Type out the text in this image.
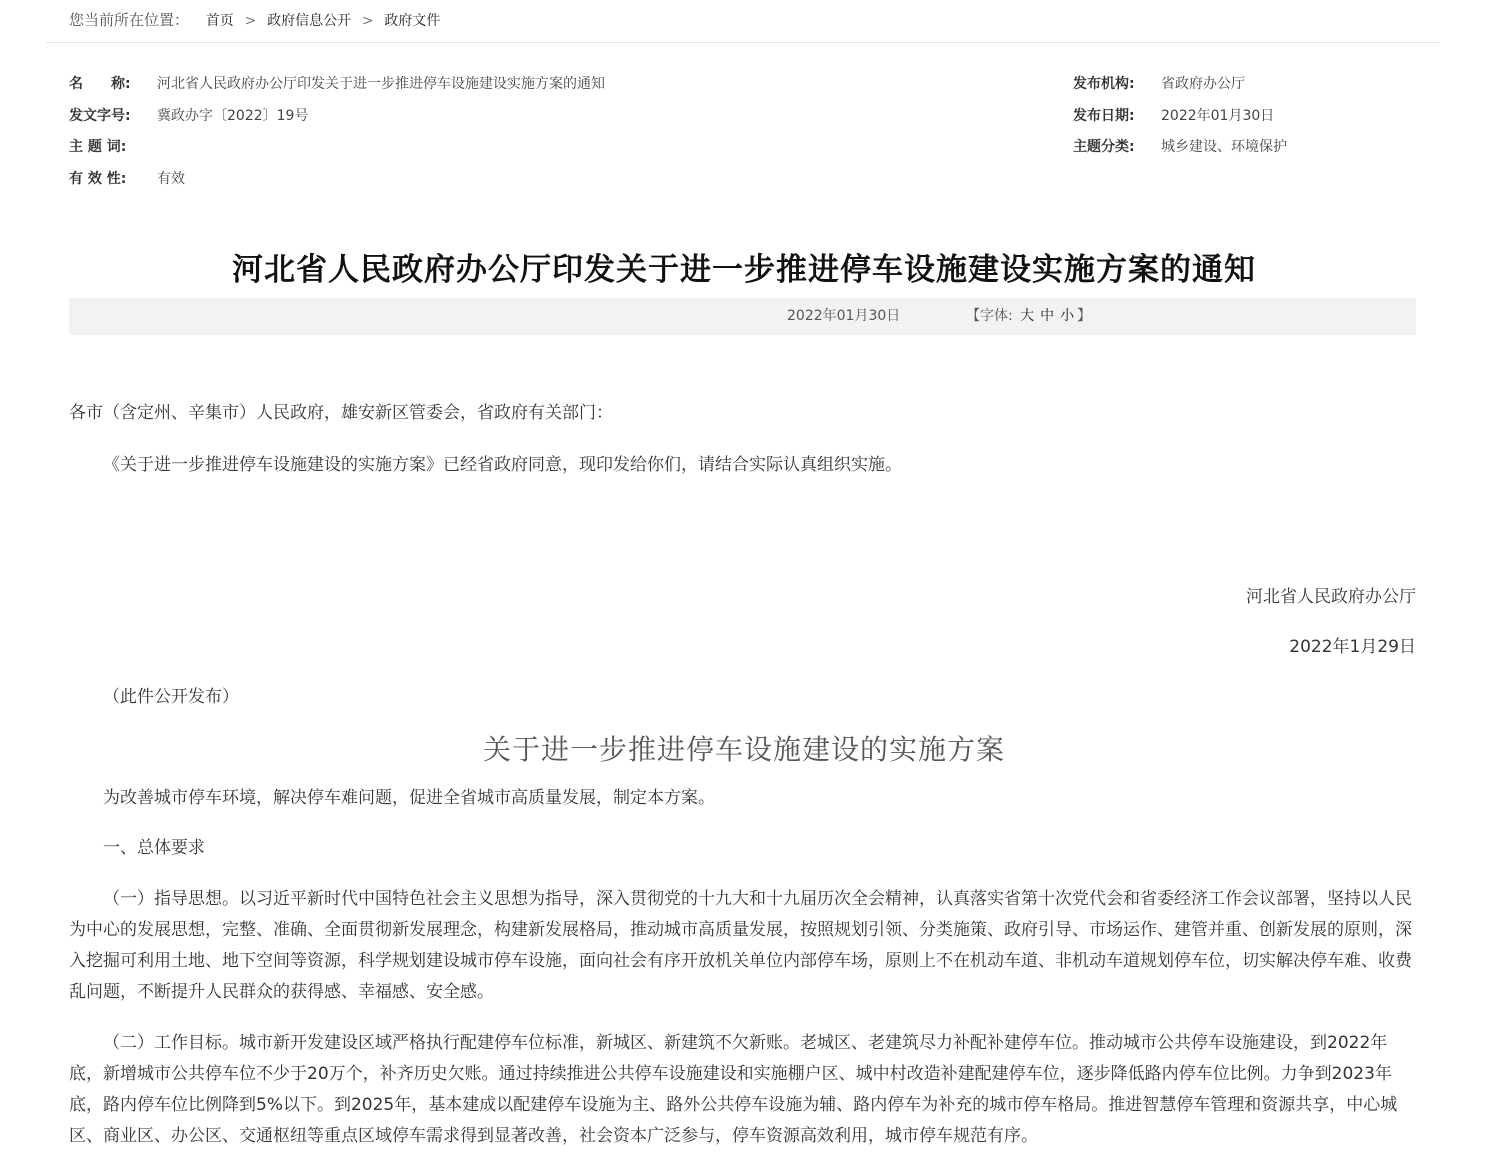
您当前所在位置： 首页 > 政府信息公开 > 政府文件
名　　称: 河北省人民政府办公厅印发关于进一步推进停车设施建设实施方案的通知
发文字号: 冀政办字〔2022〕19号
主 题 词:
有 效 性: 有效
发布机构: 省政府办公厅
发布日期: 2022年01月30日
主题分类: 城乡建设、环境保护
河北省人民政府办公厅印发关于进一步推进停车设施建设实施方案的通知
2022年01月30日	【字体: 大 中 小 】
各市（含定州、辛集市）人民政府，雄安新区管委会，省政府有关部门：
《关于进一步推进停车设施建设的实施方案》已经省政府同意，现印发给你们，请结合实际认真组织实施。
河北省人民政府办公厅
2022年1月29日
（此件公开发布）
关于进一步推进停车设施建设的实施方案
为改善城市停车环境，解决停车难问题，促进全省城市高质量发展，制定本方案。
一、总体要求
（一）指导思想。以习近平新时代中国特色社会主义思想为指导，深入贯彻党的十九大和十九届历次全会精神，认真落实省第十次党代会和省委经济工作会议部署，坚持以人民为中心的发展思想，完整、准确、全面贯彻新发展理念，构建新发展格局，推动城市高质量发展，按照规划引领、分类施策、政府引导、市场运作、建管并重、创新发展的原则，深入挖掘可利用土地、地下空间等资源，科学规划建设城市停车设施，面向社会有序开放机关单位内部停车场，原则上不在机动车道、非机动车道规划停车位，切实解决停车难、收费乱问题，不断提升人民群众的获得感、幸福感、安全感。
（二）工作目标。城市新开发建设区域严格执行配建停车位标准，新城区、新建筑不欠新账。老城区、老建筑尽力补配补建停车位。推动城市公共停车设施建设，到2022年底，新增城市公共停车位不少于20万个，补齐历史欠账。通过持续推进公共停车设施建设和实施棚户区、城中村改造补建配建停车位，逐步降低路内停车位比例。力争到2023年底，路内停车位比例降到5%以下。到2025年，基本建成以配建停车设施为主、路外公共停车设施为辅、路内停车为补充的城市停车格局。推进智慧停车管理和资源共享，中心城区、商业区、办公区、交通枢纽等重点区域停车需求得到显著改善，社会资本广泛参与，停车资源高效利用，城市停车规范有序。
